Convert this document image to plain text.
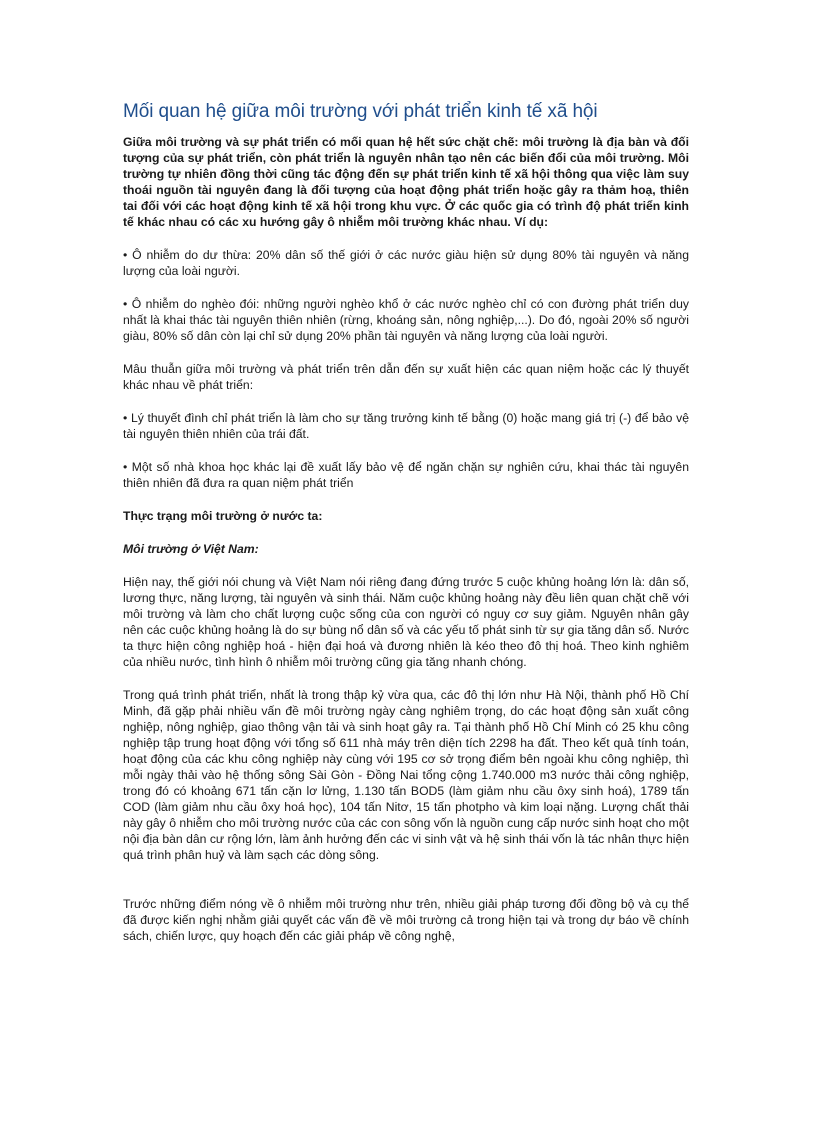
Mối quan hệ giữa môi trường với phát triển kinh tế xã hội

Giữa môi trường và sự phát triển có mối quan hệ hết sức chặt chẽ: môi trường là địa bàn và đối tượng của sự phát triển, còn phát triển là nguyên nhân tạo nên các biến đổi của môi trường. Môi trường tự nhiên đồng thời cũng tác động đến sự phát triển kinh tế xã hội thông qua việc làm suy thoái nguồn tài nguyên đang là đối tượng của hoạt động phát triển hoặc gây ra thảm hoạ, thiên tai đối với các hoạt động kinh tế xã hội trong khu vực. Ở các quốc gia có trình độ phát triển kinh tế khác nhau có các xu hướng gây ô nhiễm môi trường khác nhau. Ví dụ:

• Ô nhiễm do dư thừa: 20% dân số thế giới ở các nước giàu hiện sử dụng 80% tài nguyên và năng lượng của loài người.

• Ô nhiễm do nghèo đói: những người nghèo khổ ở các nước nghèo chỉ có con đường phát triển duy nhất là khai thác tài nguyên thiên nhiên (rừng, khoáng sản, nông nghiệp,...). Do đó, ngoài 20% số người giàu, 80% số dân còn lại chỉ sử dụng 20% phần tài nguyên và năng lượng của loài người.

Mâu thuẫn giữa môi trường và phát triển trên dẫn đến sự xuất hiện các quan niệm hoặc các lý thuyết khác nhau về phát triển:

• Lý thuyết đình chỉ phát triển là làm cho sự tăng trưởng kinh tế bằng (0) hoặc mang giá trị (-) để bảo vệ tài nguyên thiên nhiên của trái đất.

• Một số nhà khoa học khác lại đề xuất lấy bảo vệ để ngăn chặn sự nghiên cứu, khai thác tài nguyên thiên nhiên đã đưa ra quan niệm phát triển

Thực trạng môi trường ở nước ta:

Môi trường ở Việt Nam:

Hiện nay, thế giới nói chung và Việt Nam nói riêng đang đứng trước 5 cuộc khủng hoảng lớn là: dân số, lương thực, năng lượng, tài nguyên và sinh thái. Năm cuộc khủng hoảng này đều liên quan chặt chẽ với môi trường và làm cho chất lượng cuộc sống của con người có nguy cơ suy giảm. Nguyên nhân gây nên các cuộc khủng hoảng là do sự bùng nổ dân số và các yếu tố phát sinh từ sự gia tăng dân số. Nước ta thực hiện công nghiệp hoá - hiện đại hoá và đương nhiên là kéo theo đô thị hoá. Theo kinh nghiêm của nhiều nước, tình hình ô nhiễm môi trường cũng gia tăng nhanh chóng.

Trong quá trình phát triển, nhất là trong thập kỷ vừa qua, các đô thị lớn như Hà Nội, thành phố Hồ Chí Minh, đã gặp phải nhiều vấn đề môi trường ngày càng nghiêm trọng, do các hoạt động sản xuất công nghiệp, nông nghiệp, giao thông vận tải và sinh hoạt gây ra. Tại thành phố Hồ Chí Minh có 25 khu công nghiệp tập trung hoạt động với tổng số 611 nhà máy trên diện tích 2298 ha đất. Theo kết quả tính toán, hoạt động của các khu công nghiệp này cùng với 195 cơ sở trọng điểm bên ngoài khu công nghiệp, thì mỗi ngày thải vào hệ thống sông Sài Gòn - Đồng Nai tổng cộng 1.740.000 m3 nước thải công nghiệp, trong đó có khoảng 671 tấn cặn lơ lửng, 1.130 tấn BOD5 (làm giảm nhu cầu ôxy sinh hoá), 1789 tấn COD (làm giảm nhu cầu ôxy hoá học), 104 tấn Nitơ, 15 tấn photpho và kim loại nặng. Lượng chất thải này gây ô nhiễm cho môi trường nước của các con sông vốn là nguồn cung cấp nước sinh hoạt cho một nội địa bàn dân cư rộng lớn, làm ảnh hưởng đến các vi sinh vật và hệ sinh thái vốn là tác nhân thực hiện quá trình phân huỷ và làm sạch các dòng sông.

Trước những điểm nóng về ô nhiễm môi trường như trên, nhiều giải pháp tương đối đồng bộ và cụ thể đã được kiến nghị nhằm giải quyết các vấn đề về môi trường cả trong hiện tại và trong dự báo về chính sách, chiến lược, quy hoạch đến các giải pháp về công nghệ,
